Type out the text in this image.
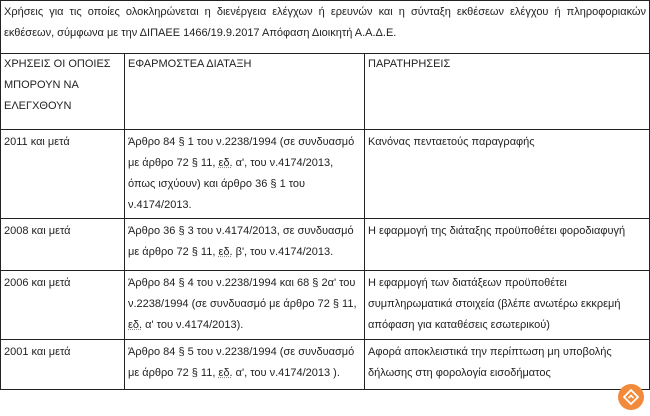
Χρήσεις για τις οποίες ολοκληρώνεται η διενέργεια ελέγχων ή ερευνών και η σύνταξη εκθέσεων ελέγχου ή πληροφοριακών εκθέσεων, σύμφωνα με την ΔΙΠΑΕΕ 1466/19.9.2017 Απόφαση Διοικητή Α.Α.Δ.Ε.		
ΧΡΗΣΕΙΣ ΟΙ ΟΠΟΙΕΣ ΜΠΟΡΟΥΝ ΝΑ ΕΛΕΓΧΘΟΥΝ	ΕΦΑΡΜΟΣΤΕΑ ΔΙΑΤΑΞΗ	ΠΑΡΑΤΗΡΗΣΕΙΣ
2011 και μετά	Άρθρο 84 § 1 του ν.2238/1994 (σε συνδυασμό με άρθρο 72 § 11, εδ. α', του ν.4174/2013, όπως ισχύουν) και άρθρο 36 § 1 του ν.4174/2013.	Κανόνας πενταετούς παραγραφής
2008 και μετά	Άρθρο 36 § 3 του ν.4174/2013, σε συνδυασμό με άρθρο 72 § 11, εδ. β', του ν.4174/2013.	Η εφαρμογή της διάταξης προϋποθέτει φοροδιαφυγή
2006 και μετά	Άρθρο 84 § 4 του ν.2238/1994 και 68 § 2α' του ν.2238/1994 (σε συνδυασμό με άρθρο 72 § 11, εδ. α' του ν.4174/2013).	Η εφαρμογή των διατάξεων προϋποθέτει συμπληρωματικά στοιχεία (βλέπε ανωτέρω εκκρεμή απόφαση για καταθέσεις εσωτερικού)
2001 και μετά	Άρθρο 84 § 5 του ν.2238/1994 (σε συνδυασμό με άρθρο 72 § 11, εδ. α', του ν.4174/2013 ).	Αφορά αποκλειστικά την περίπτωση μη υποβολής δήλωσης στη φορολογία εισοδήματος
